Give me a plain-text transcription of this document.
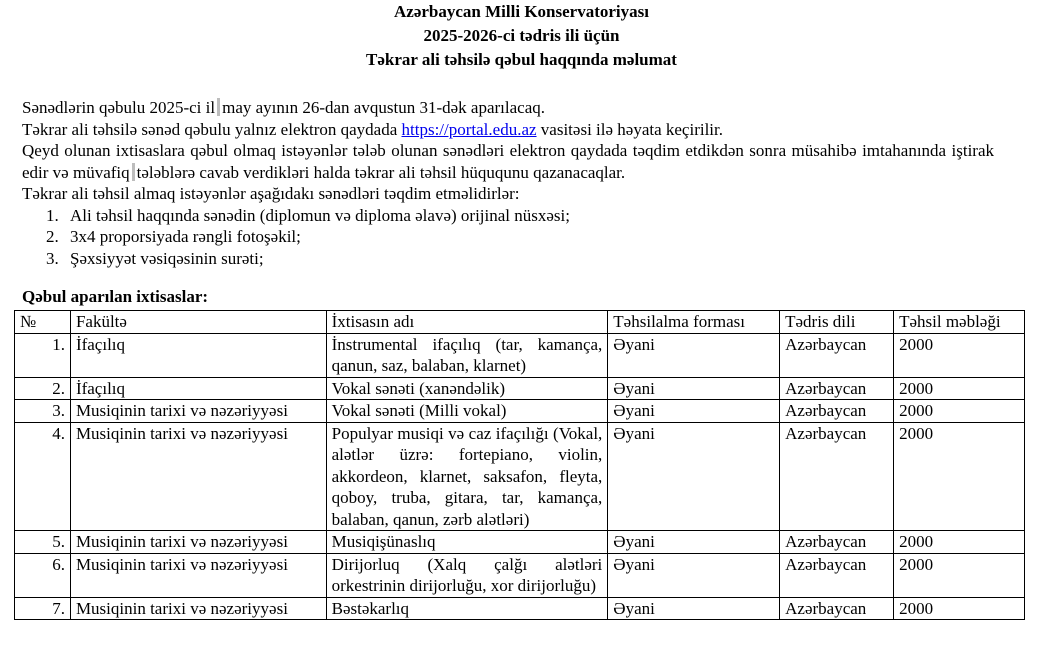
Azərbaycan Milli Konservatoriyası
2025-2026-ci tədris ili üçün
Təkrar ali təhsilə qəbul haqqında məlumat

Sənədlərin qəbulu 2025-ci il may ayının 26-dan avqustun 31-dək aparılacaq.

Təkrar ali təhsilə sənəd qəbulu yalnız elektron qaydada https://portal.edu.az vasitəsi ilə həyata keçirilir.

Qeyd olunan ixtisaslara qəbul olmaq istəyənlər tələb olunan sənədləri elektron qaydada təqdim etdikdən sonra müsahibə imtahanında iştirak edir və müvafiq tələblərə cavab verdikləri halda təkrar ali təhsil hüququnu qazanacaqlar.

Təkrar ali təhsil almaq istəyənlər aşağıdakı sənədləri təqdim etməlidirlər:

1. Ali təhsil haqqında sənədin (diplomun və diploma əlavə) orijinal nüsxəsi;
2. 3x4 proporsiyada rəngli fotoşəkil;
3. Şəxsiyyət vəsiqəsinin surəti;
Qəbul aparılan ixtisaslar:
№	Fakültə	İxtisasın adı	Təhsilalma forması	Tədris dili	Təhsil məbləği
1.	İfaçılıq	İnstrumental ifaçılıq (tar, kamança, qanun, saz, balaban, klarnet)	Əyani	Azərbaycan	2000
2.	İfaçılıq	Vokal sənəti (xanəndəlik)	Əyani	Azərbaycan	2000
3.	Musiqinin tarixi və nəzəriyyəsi	Vokal sənəti (Milli vokal)	Əyani	Azərbaycan	2000
4.	Musiqinin tarixi və nəzəriyyəsi	Populyar musiqi və caz ifaçılığı (Vokal, alətlər üzrə: fortepiano, violin, akkordeon, klarnet, saksafon, fleyta, qoboy, truba, gitara, tar, kamança, balaban, qanun, zərb alətləri)	Əyani	Azərbaycan	2000
5.	Musiqinin tarixi və nəzəriyyəsi	Musiqişünaslıq	Əyani	Azərbaycan	2000
6.	Musiqinin tarixi və nəzəriyyəsi	Dirijorluq (Xalq çalğı alətləri orkestrinin dirijorluğu, xor dirijorluğu)	Əyani	Azərbaycan	2000
7.	Musiqinin tarixi və nəzəriyyəsi	Bəstəkarlıq	Əyani	Azərbaycan	2000
